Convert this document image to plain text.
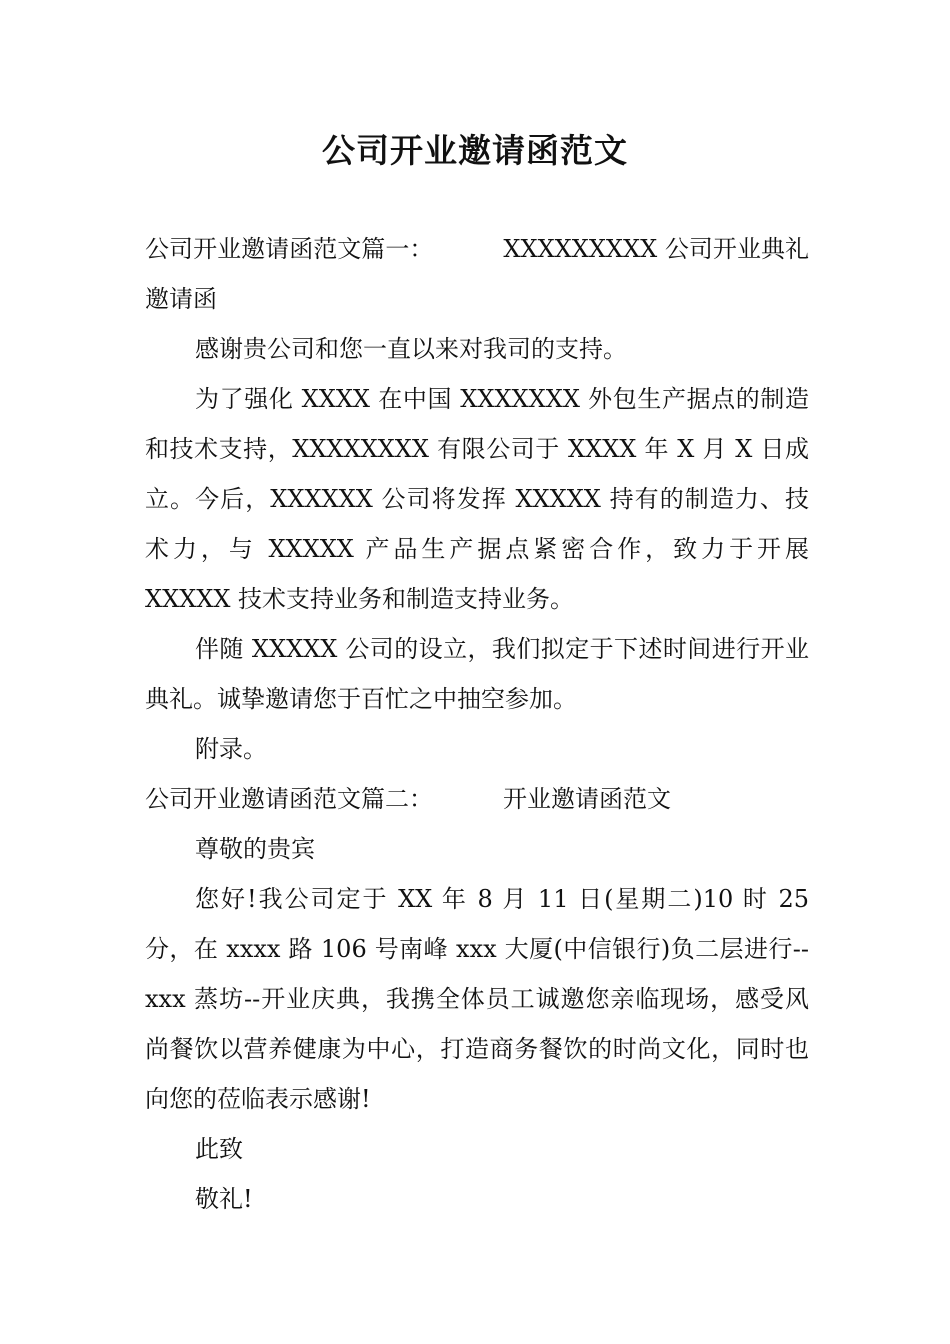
公司开业邀请函范文

公司开业邀请函范文篇一：	XXXXXXXXX 公司开业典礼邀请函

感谢贵公司和您一直以来对我司的支持。

为了强化 XXXX 在中国 XXXXXXX 外包生产据点的制造和技术支持，XXXXXXXX 有限公司于 XXXX 年 X 月 X 日成立。今后，XXXXXX 公司将发挥 XXXXX 持有的制造力、技术力，与 XXXXX 产品生产据点紧密合作，致力于开展 XXXXX 技术支持业务和制造支持业务。

伴随 XXXXX 公司的设立，我们拟定于下述时间进行开业典礼。诚挚邀请您于百忙之中抽空参加。

附录。

公司开业邀请函范文篇二：	开业邀请函范文

尊敬的贵宾

您好!我公司定于 XX 年 8 月 11 日(星期二)10 时 25 分，在 xxxx 路 106 号南峰 xxx 大厦(中信银行)负二层进行--xxx 蒸坊--开业庆典，我携全体员工诚邀您亲临现场，感受风尚餐饮以营养健康为中心，打造商务餐饮的时尚文化，同时也向您的莅临表示感谢!

此致

敬礼!
